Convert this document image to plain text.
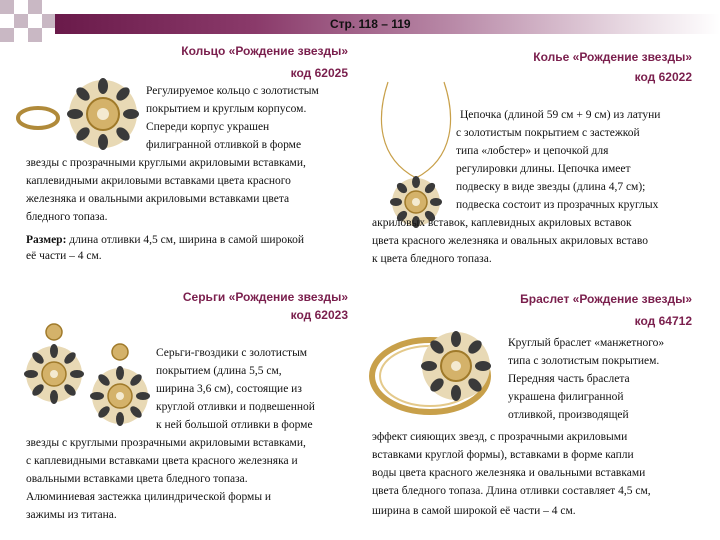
Стр. 118 – 119
Кольцо «Рождение звезды»
код 62025

Регулируемое кольцо с золотистым

покрытием и круглым корпусом.

Спереди корпус украшен

филигранной отливкой в форме

звезды с прозрачными круглыми акриловыми вставками,

каплевидными акриловыми вставками цвета красного

железняка и овальными акриловыми вставками цвета

бледного топаза.

Размер: длина отливки 4,5 см, ширина в самой широкой

её части – 4 см.

Колье «Рождение звезды»
код 62022

Цепочка (длиной 59 см + 9 см) из латуни

с золотистым покрытием с застежкой

типа «лобстер» и цепочкой для

регулировки длины. Цепочка имеет

подвеску в виде звезды (длина 4,7 см);

подвеска состоит из прозрачных круглых

акриловых вставок, каплевидных акриловых вставок

цвета красного железняка и овальных акриловых вставо

к цвета бледного топаза.

Серьги «Рождение звезды»
код 62023

Серьги-гвоздики с золотистым

покрытием (длина 5,5 см,

ширина 3,6 см), состоящие из

круглой отливки и подвешенной

к ней большой отливки в форме

звезды с круглыми прозрачными акриловыми вставками,

с каплевидными вставками цвета красного железняка и

овальными вставками цвета бледного топаза.

Алюминиевая застежка цилиндрической формы и

зажимы из титана.

Браслет «Рождение звезды»
код 64712

Круглый браслет «манжетного»

типа с золотистым покрытием.

Передняя часть браслета

украшена филигранной

отливкой, производящей

эффект сияющих звезд, с прозрачными акриловыми

вставками круглой формы), вставками в форме капли

воды цвета красного железняка и овальными вставками

цвета бледного топаза. Длина отливки составляет 4,5 см,

ширина в самой широкой её части – 4 см.
